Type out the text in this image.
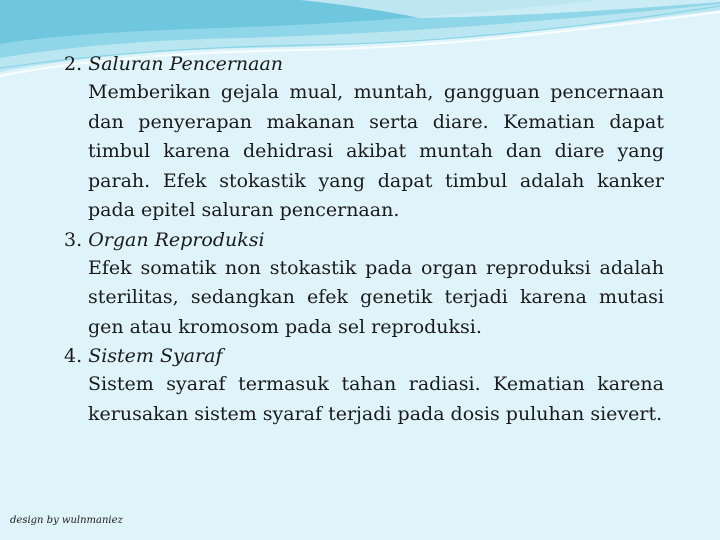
2. Saluran Pencernaan

Memberikan gejala mual, muntah, gangguan pencernaan dan penyerapan makanan serta diare. Kematian dapat timbul karena dehidrasi akibat muntah dan diare yang parah. Efek stokastik yang dapat timbul adalah kanker pada epitel saluran pencernaan.

3. Organ Reproduksi

Efek somatik non stokastik pada organ reproduksi adalah sterilitas, sedangkan efek genetik terjadi karena mutasi gen atau kromosom pada sel reproduksi.

4. Sistem Syaraf

Sistem syaraf termasuk tahan radiasi. Kematian karena kerusakan sistem syaraf terjadi pada dosis puluhan sievert.

design by wulnmaniez
